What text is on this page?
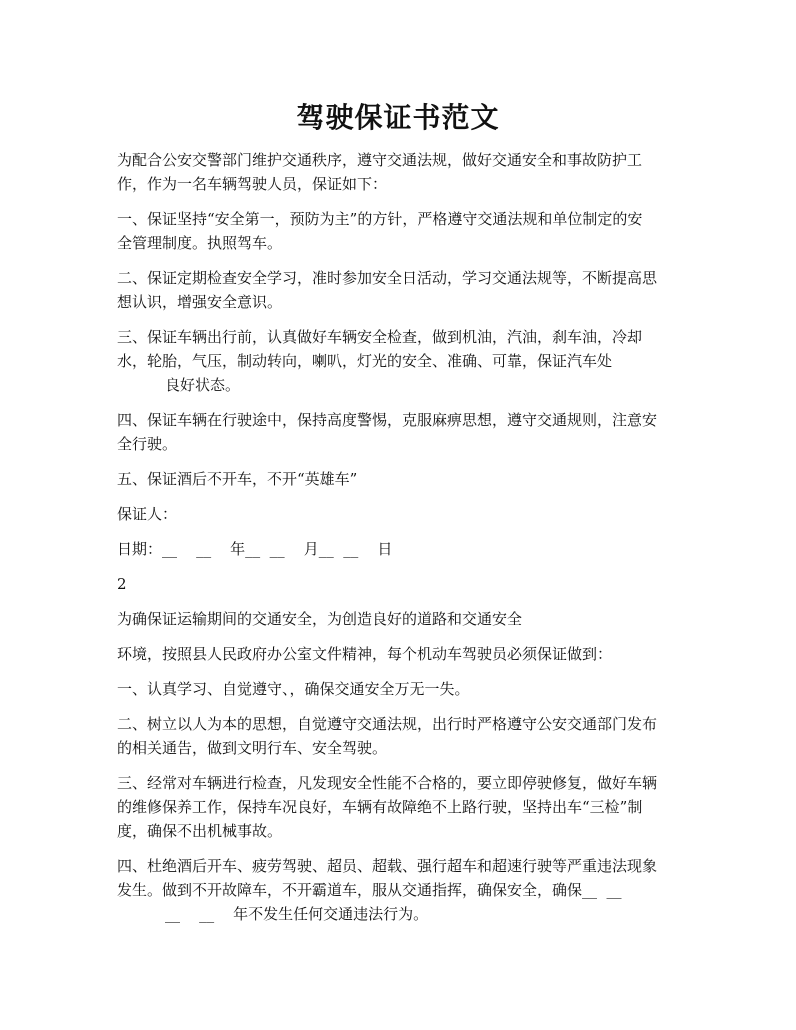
驾驶保证书范文
为配合公安交警部门维护交通秩序，遵守交通法规，做好交通安全和事故防护工
作，作为一名车辆驾驶人员，保证如下：
一、保证坚持“安全第一，预防为主”的方针，严格遵守交通法规和单位制定的安
全管理制度。执照驾车。
二、保证定期检查安全学习，准时参加安全日活动，学习交通法规等，不断提高思
想认识，增强安全意识。
三、保证车辆出行前，认真做好车辆安全检查，做到机油，汽油，刹车油，冷却
水，轮胎，气压，制动转向，喇叭，灯光的安全、准确、可靠，保证汽车处
良好状态。
四、保证车辆在行驶途中，保持高度警惕，克服麻痹思想，遵守交通规则，注意安
全行驶。
五、保证酒后不开车，不开“英雄车”
保证人：
日期：__    __    年__  __    月__  __    日
2
为确保证运输期间的交通安全，为创造良好的道路和交通安全
环境，按照县人民政府办公室文件精神，每个机动车驾驶员必须保证做到：
一、认真学习、自觉遵守、，确保交通安全万无一失。
二、树立以人为本的思想，自觉遵守交通法规，出行时严格遵守公安交通部门发布
的相关通告，做到文明行车、安全驾驶。
三、经常对车辆进行检查，凡发现安全性能不合格的，要立即停驶修复，做好车辆
的维修保养工作，保持车况良好，车辆有故障绝不上路行驶，坚持出车“三检”制
度，确保不出机械事故。
四、杜绝酒后开车、疲劳驾驶、超员、超载、强行超车和超速行驶等严重违法现象
发生。做到不开故障车，不开霸道车，服从交通指挥，确保安全，确保__  __
__    __    年不发生任何交通违法行为。
